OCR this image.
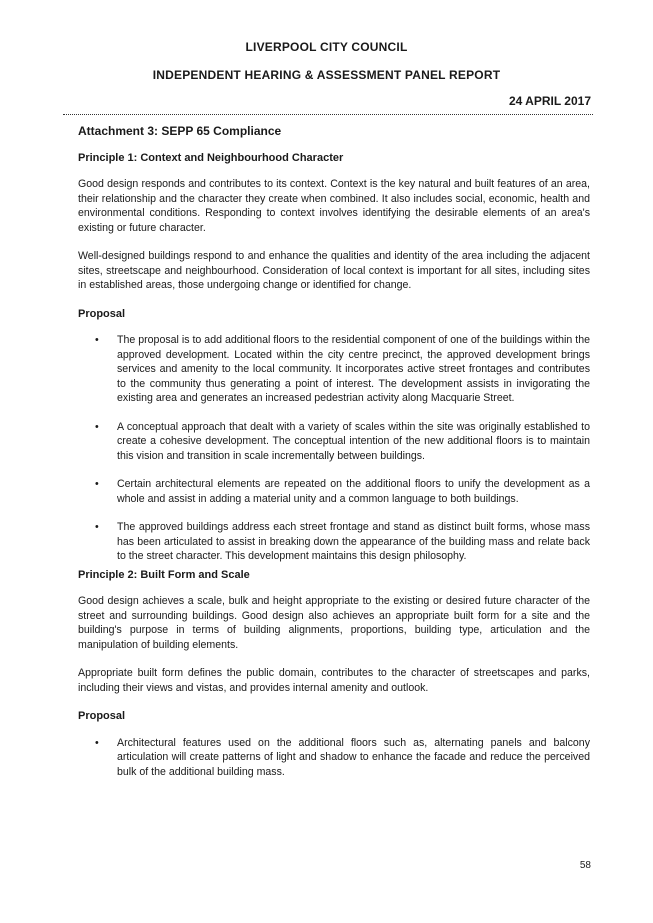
LIVERPOOL CITY COUNCIL
INDEPENDENT HEARING & ASSESSMENT PANEL REPORT
24 APRIL 2017
Attachment 3: SEPP 65 Compliance
Principle 1: Context and Neighbourhood Character

Good design responds and contributes to its context. Context is the key natural and built features of an area, their relationship and the character they create when combined. It also includes social, economic, health and environmental conditions. Responding to context involves identifying the desirable elements of an area's existing or future character.

Well-designed buildings respond to and enhance the qualities and identity of the area including the adjacent sites, streetscape and neighbourhood. Consideration of local context is important for all sites, including sites in established areas, those undergoing change or identified for change.

Proposal
• The proposal is to add additional floors to the residential component of one of the buildings within the approved development. Located within the city centre precinct, the approved development brings services and amenity to the local community. It incorporates active street frontages and contributes to the community thus generating a point of interest. The development assists in invigorating the existing area and generates an increased pedestrian activity along Macquarie Street.
• A conceptual approach that dealt with a variety of scales within the site was originally established to create a cohesive development. The conceptual intention of the new additional floors is to maintain this vision and transition in scale incrementally between buildings.
• Certain architectural elements are repeated on the additional floors to unify the development as a whole and assist in adding a material unity and a common language to both buildings.
• The approved buildings address each street frontage and stand as distinct built forms, whose mass has been articulated to assist in breaking down the appearance of the building mass and relate back to the street character. This development maintains this design philosophy.
Principle 2: Built Form and Scale

Good design achieves a scale, bulk and height appropriate to the existing or desired future character of the street and surrounding buildings. Good design also achieves an appropriate built form for a site and the building's purpose in terms of building alignments, proportions, building type, articulation and the manipulation of building elements.

Appropriate built form defines the public domain, contributes to the character of streetscapes and parks, including their views and vistas, and provides internal amenity and outlook.

Proposal
• Architectural features used on the additional floors such as, alternating panels and balcony articulation will create patterns of light and shadow to enhance the facade and reduce the perceived bulk of the additional building mass.
58
